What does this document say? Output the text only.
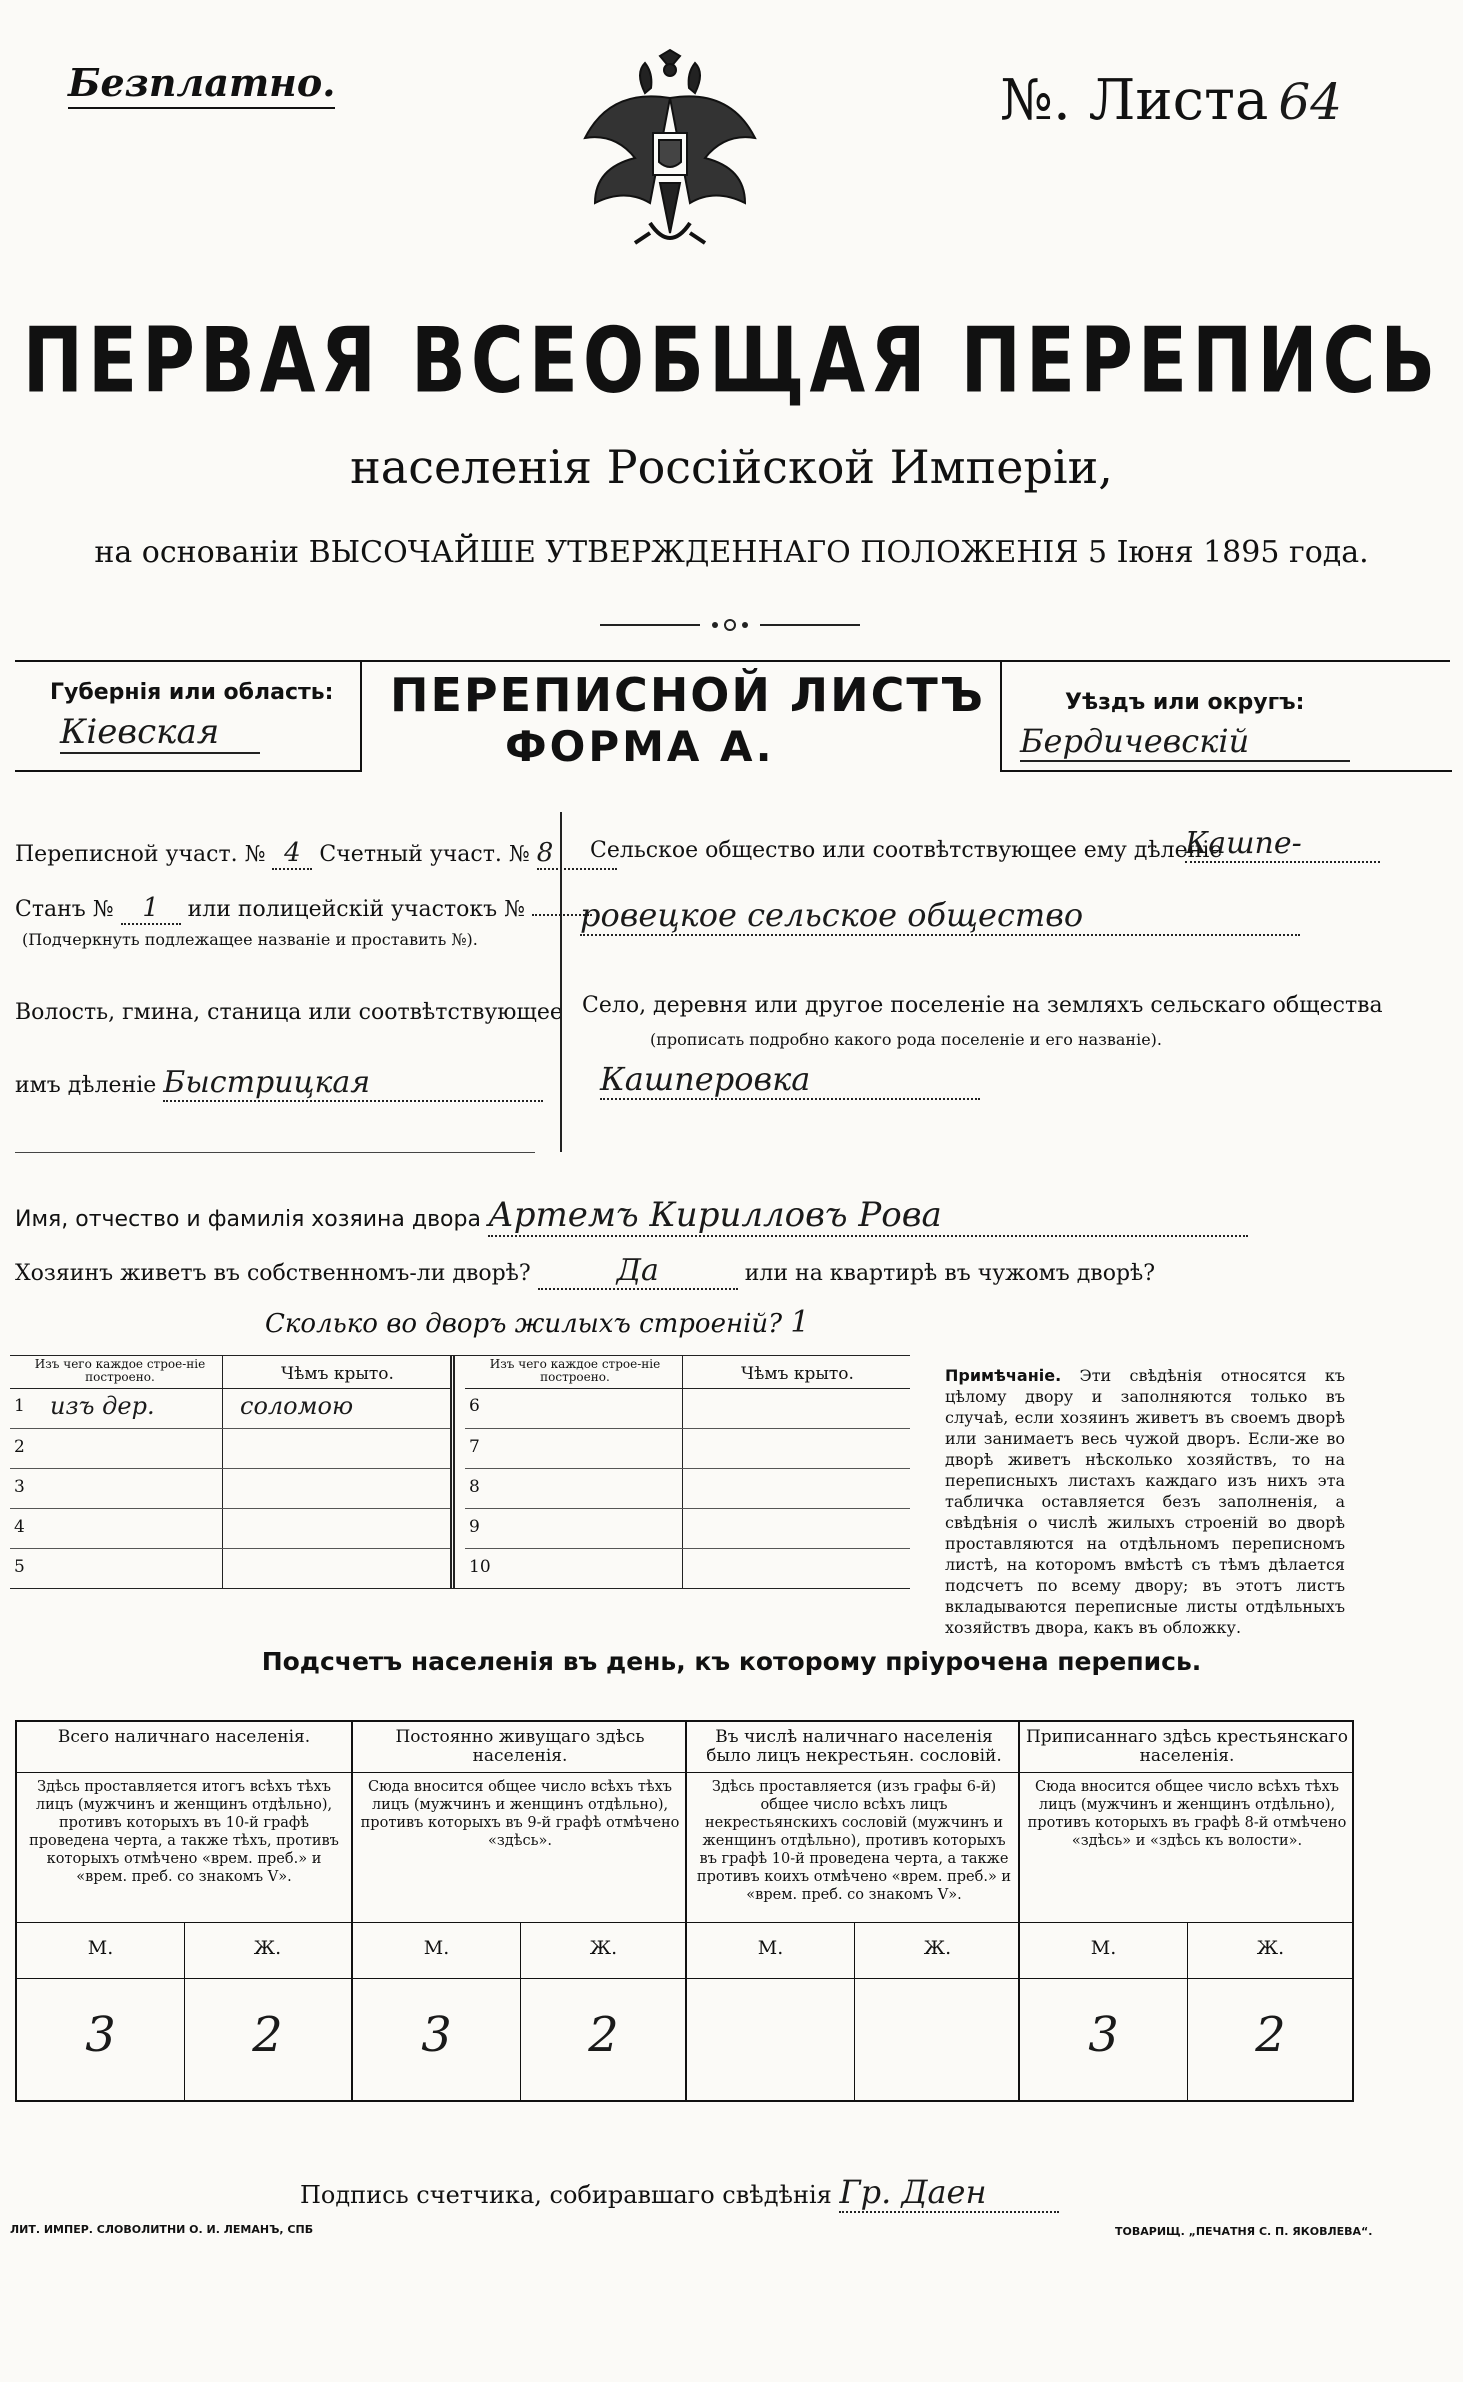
Безплатно.	№. Листа 64
ПЕРВАЯ ВСЕОБЩАЯ ПЕРЕПИСЬ
населенія Россійской Имперіи,
на основаніи ВЫСОЧАЙШЕ УТВЕРЖДЕННАГО ПОЛОЖЕНІЯ 5 Іюня 1895 года.
Губернія или область:
Кіевская
ПЕРЕПИСНОЙ ЛИСТЪ
ФОРМА А.
Уѣздъ или округъ:
Бердичевскій
Переписной участ. № 4 Счетный участ. № 8
Станъ № 1 или полицейскій участокъ №
(Подчеркнуть подлежащее названіе и проставить №).
Волость, гмина, станица или соотвѣтствующее
имъ дѣленіе Быстрицкая
Сельское общество или соотвѣтствующее ему дѣленіе
Кашпе-
ровецкое сельское общество
Село, деревня или другое поселеніе на земляхъ сельскаго общества
(прописать подробно какого рода поселеніе и его названіе).
Кашперовка
Имя, отчество и фамилія хозяина двора Артемъ Кирилловъ Рова
Хозяинъ живетъ въ собственномъ-ли дворѣ?	Да	или на квартирѣ въ чужомъ дворѣ?
Сколько во дворъ жилыхъ строеній? 1
Изъ чего каждое строе-ніе построено.	Чѣмъ крыто.
1 изъ дер.	соломою
2
3
4
5
Изъ чего каждое строе-ніе построено.	Чѣмъ крыто.
6
7
8
9
10
Примѣчаніе. Эти свѣдѣнія относятся къ цѣлому двору и заполняются только въ случаѣ, если хозяинъ живетъ въ своемъ дворѣ или занимаетъ весь чужой дворъ. Если-же во дворѣ живетъ нѣсколько хозяйствъ, то на переписныхъ листахъ каждаго изъ нихъ эта табличка оставляется безъ заполненія, а свѣдѣнія о числѣ жилыхъ строеній во дворѣ проставляются на отдѣльномъ переписномъ листѣ, на которомъ вмѣстѣ съ тѣмъ дѣлается подсчетъ по всему двору; въ этотъ листъ вкладываются переписные листы отдѣльныхъ хозяйствъ двора, какъ въ обложку.
Подсчетъ населенія въ день, къ которому пріурочена перепись.
Всего наличнаго населенія.
Здѣсь проставляется итогъ всѣхъ тѣхъ лицъ (мужчинъ и женщинъ отдѣльно), противъ которыхъ въ 10-й графѣ проведена черта, а также тѣхъ, противъ которыхъ отмѣчено «врем. преб.» и «врем. преб. со знакомъ V».
М.	Ж.
3	2
Постоянно живущаго здѣсь населенія.
Сюда вносится общее число всѣхъ тѣхъ лицъ (мужчинъ и женщинъ отдѣльно), противъ которыхъ въ 9-й графѣ отмѣчено «здѣсь».
М.	Ж.
3	2
Въ числѣ наличнаго населенія было лицъ некрестьян. сословій.
Здѣсь проставляется (изъ графы 6-й) общее число всѣхъ лицъ некрестьянскихъ сословій (мужчинъ и женщинъ отдѣльно), противъ которыхъ въ графѣ 10-й проведена черта, а также противъ коихъ отмѣчено «врем. преб.» и «врем. преб. со знакомъ V».
М.	Ж.
Приписаннаго здѣсь крестьянскаго населенія.
Сюда вносится общее число всѣхъ тѣхъ лицъ (мужчинъ и женщинъ отдѣльно), противъ которыхъ въ графѣ 8-й отмѣчено «здѣсь» и «здѣсь къ волости».
М.	Ж.
3	2
Подпись счетчика, собиравшаго свѣдѣнія Гр. Даен
ЛИТ. ИМПЕР. СЛОВОЛИТНИ О. И. ЛЕМАНЪ, СПБ	ТОВАРИЩ. „ПЕЧАТНЯ С. П. ЯКОВЛЕВА“.
